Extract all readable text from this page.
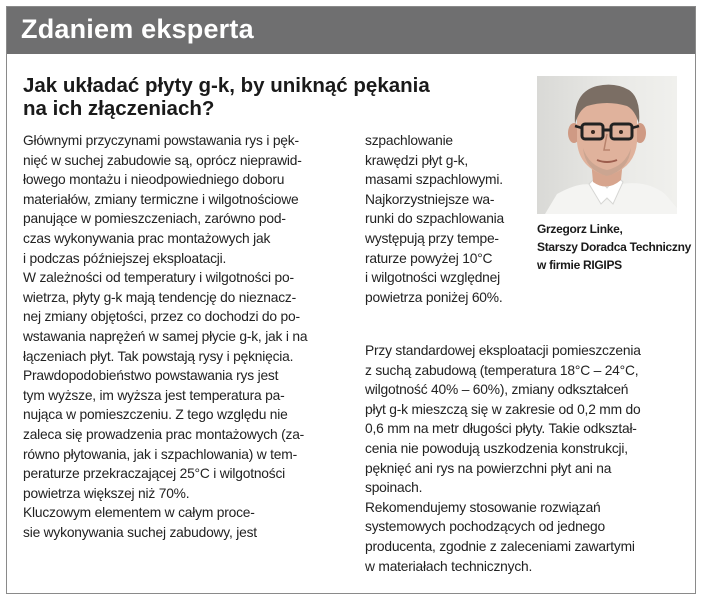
Zdaniem eksperta
Jak układać płyty g-k, by uniknąć pękania
na ich złączeniach?
Grzegorz Linke,
Starszy Doradca Techniczny
w firmie RIGIPS
Głównymi przyczynami powstawania rys i pęk-
nięć w suchej zabudowie są, oprócz nieprawid-
łowego montażu i nieodpowiedniego doboru
materiałów, zmiany termiczne i wilgotnościowe
panujące w pomieszczeniach, zarówno pod-
czas wykonywania prac montażowych jak
i podczas późniejszej eksploatacji.
W zależności od temperatury i wilgotności po-
wietrza, płyty g-k mają tendencję do nieznacz-
nej zmiany objętości, przez co dochodzi do po-
wstawania naprężeń w samej płycie g-k, jak i na
łączeniach płyt. Tak powstają rysy i pęknięcia.
Prawdopodobieństwo powstawania rys jest
tym wyższe, im wyższa jest temperatura pa-
nująca w pomieszczeniu. Z tego względu nie
zaleca się prowadzenia prac montażowych (za-
równo płytowania, jak i szpachlowania) w tem-
peraturze przekraczającej 25°C i wilgotności
powietrza większej niż 70%.
Kluczowym elementem w całym proce-
sie wykonywania suchej zabudowy, jest
szpachlowanie
krawędzi płyt g-k,
masami szpachlowymi.
Najkorzystniejsze wa-
runki do szpachlowania
występują przy tempe-
raturze powyżej 10°C
i wilgotności względnej
powietrza poniżej 60%.
Przy standardowej eksploatacji pomieszczenia
z suchą zabudową (temperatura 18°C – 24°C,
wilgotność 40% – 60%), zmiany odkształceń
płyt g-k mieszczą się w zakresie od 0,2 mm do
0,6 mm na metr długości płyty. Takie odkształ-
cenia nie powodują uszkodzenia konstrukcji,
pęknięć ani rys na powierzchni płyt ani na
spoinach.
Rekomendujemy stosowanie rozwiązań
systemowych pochodzących od jednego
producenta, zgodnie z zaleceniami zawartymi
w materiałach technicznych.
